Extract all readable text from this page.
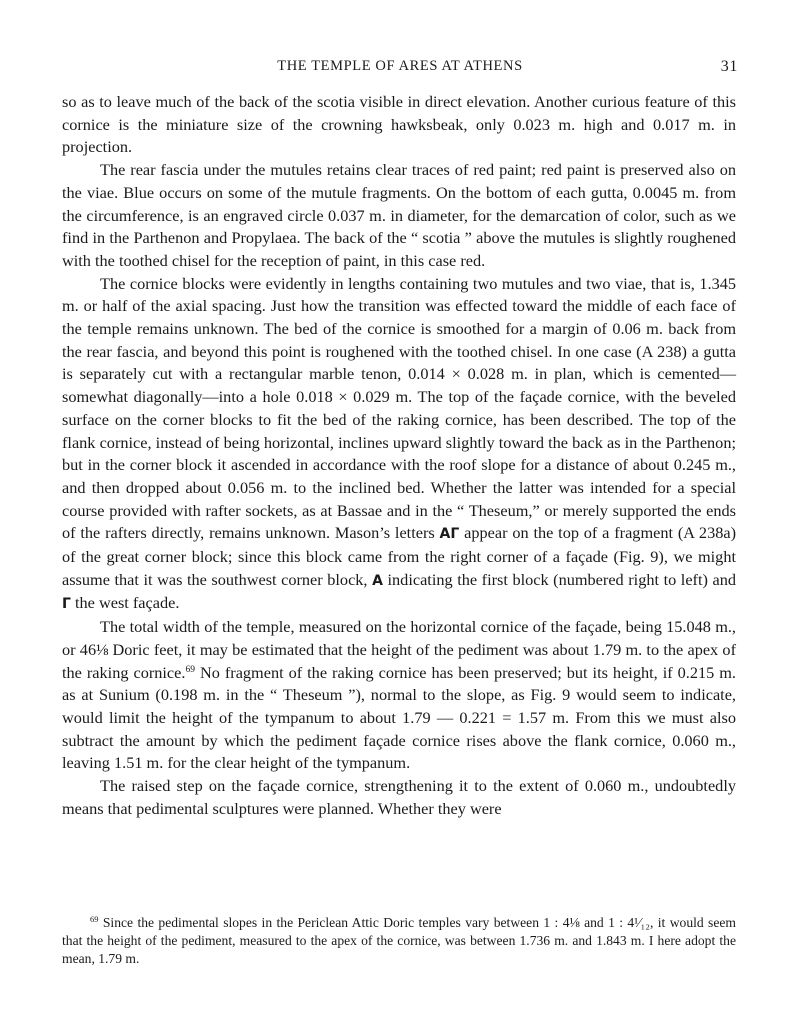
THE TEMPLE OF ARES AT ATHENS	31

so as to leave much of the back of the scotia visible in direct elevation. Another curious feature of this cornice is the miniature size of the crowning hawksbeak, only 0.023 m. high and 0.017 m. in projection.

The rear fascia under the mutules retains clear traces of red paint; red paint is preserved also on the viae. Blue occurs on some of the mutule fragments. On the bottom of each gutta, 0.0045 m. from the circumference, is an engraved circle 0.037 m. in diameter, for the demarcation of color, such as we find in the Parthenon and Propylaea. The back of the “ scotia ” above the mutules is slightly roughened with the toothed chisel for the reception of paint, in this case red.

The cornice blocks were evidently in lengths containing two mutules and two viae, that is, 1.345 m. or half of the axial spacing. Just how the transition was effected toward the middle of each face of the temple remains unknown. The bed of the cornice is smoothed for a margin of 0.06 m. back from the rear fascia, and beyond this point is roughened with the toothed chisel. In one case (A 238) a gutta is separately cut with a rectangular marble tenon, 0.014 × 0.028 m. in plan, which is cemented—somewhat diagonally—into a hole 0.018 × 0.029 m. The top of the façade cornice, with the beveled surface on the corner blocks to fit the bed of the raking cornice, has been described. The top of the flank cornice, instead of being horizontal, inclines upward slightly toward the back as in the Parthenon; but in the corner block it ascended in accordance with the roof slope for a distance of about 0.245 m., and then dropped about 0.056 m. to the inclined bed. Whether the latter was intended for a special course provided with rafter sockets, as at Bassae and in the “ Theseum,” or merely supported the ends of the rafters directly, remains unknown. Mason’s letters ΑΓ appear on the top of a fragment (A 238a) of the great corner block; since this block came from the right corner of a façade (Fig. 9), we might assume that it was the southwest corner block, Α indicating the first block (numbered right to left) and Γ the west façade.

The total width of the temple, measured on the horizontal cornice of the façade, being 15.048 m., or 46⅛ Doric feet, it may be estimated that the height of the pediment was about 1.79 m. to the apex of the raking cornice.$^{69}$ No fragment of the raking cornice has been preserved; but its height, if 0.215 m. as at Sunium (0.198 m. in the “ Theseum ”), normal to the slope, as Fig. 9 would seem to indicate, would limit the height of the tympanum to about 1.79 — 0.221 = 1.57 m. From this we must also subtract the amount by which the pediment façade cornice rises above the flank cornice, 0.060 m., leaving 1.51 m. for the clear height of the tympanum.

The raised step on the façade cornice, strengthening it to the extent of 0.060 m., undoubtedly means that pedimental sculptures were planned. Whether they were

$^{69}$ Since the pedimental slopes in the Periclean Attic Doric temples vary between 1 : 4⅛ and 1 : 4¹⁄₁₂, it would seem that the height of the pediment, measured to the apex of the cornice, was between 1.736 m. and 1.843 m. I here adopt the mean, 1.79 m.
